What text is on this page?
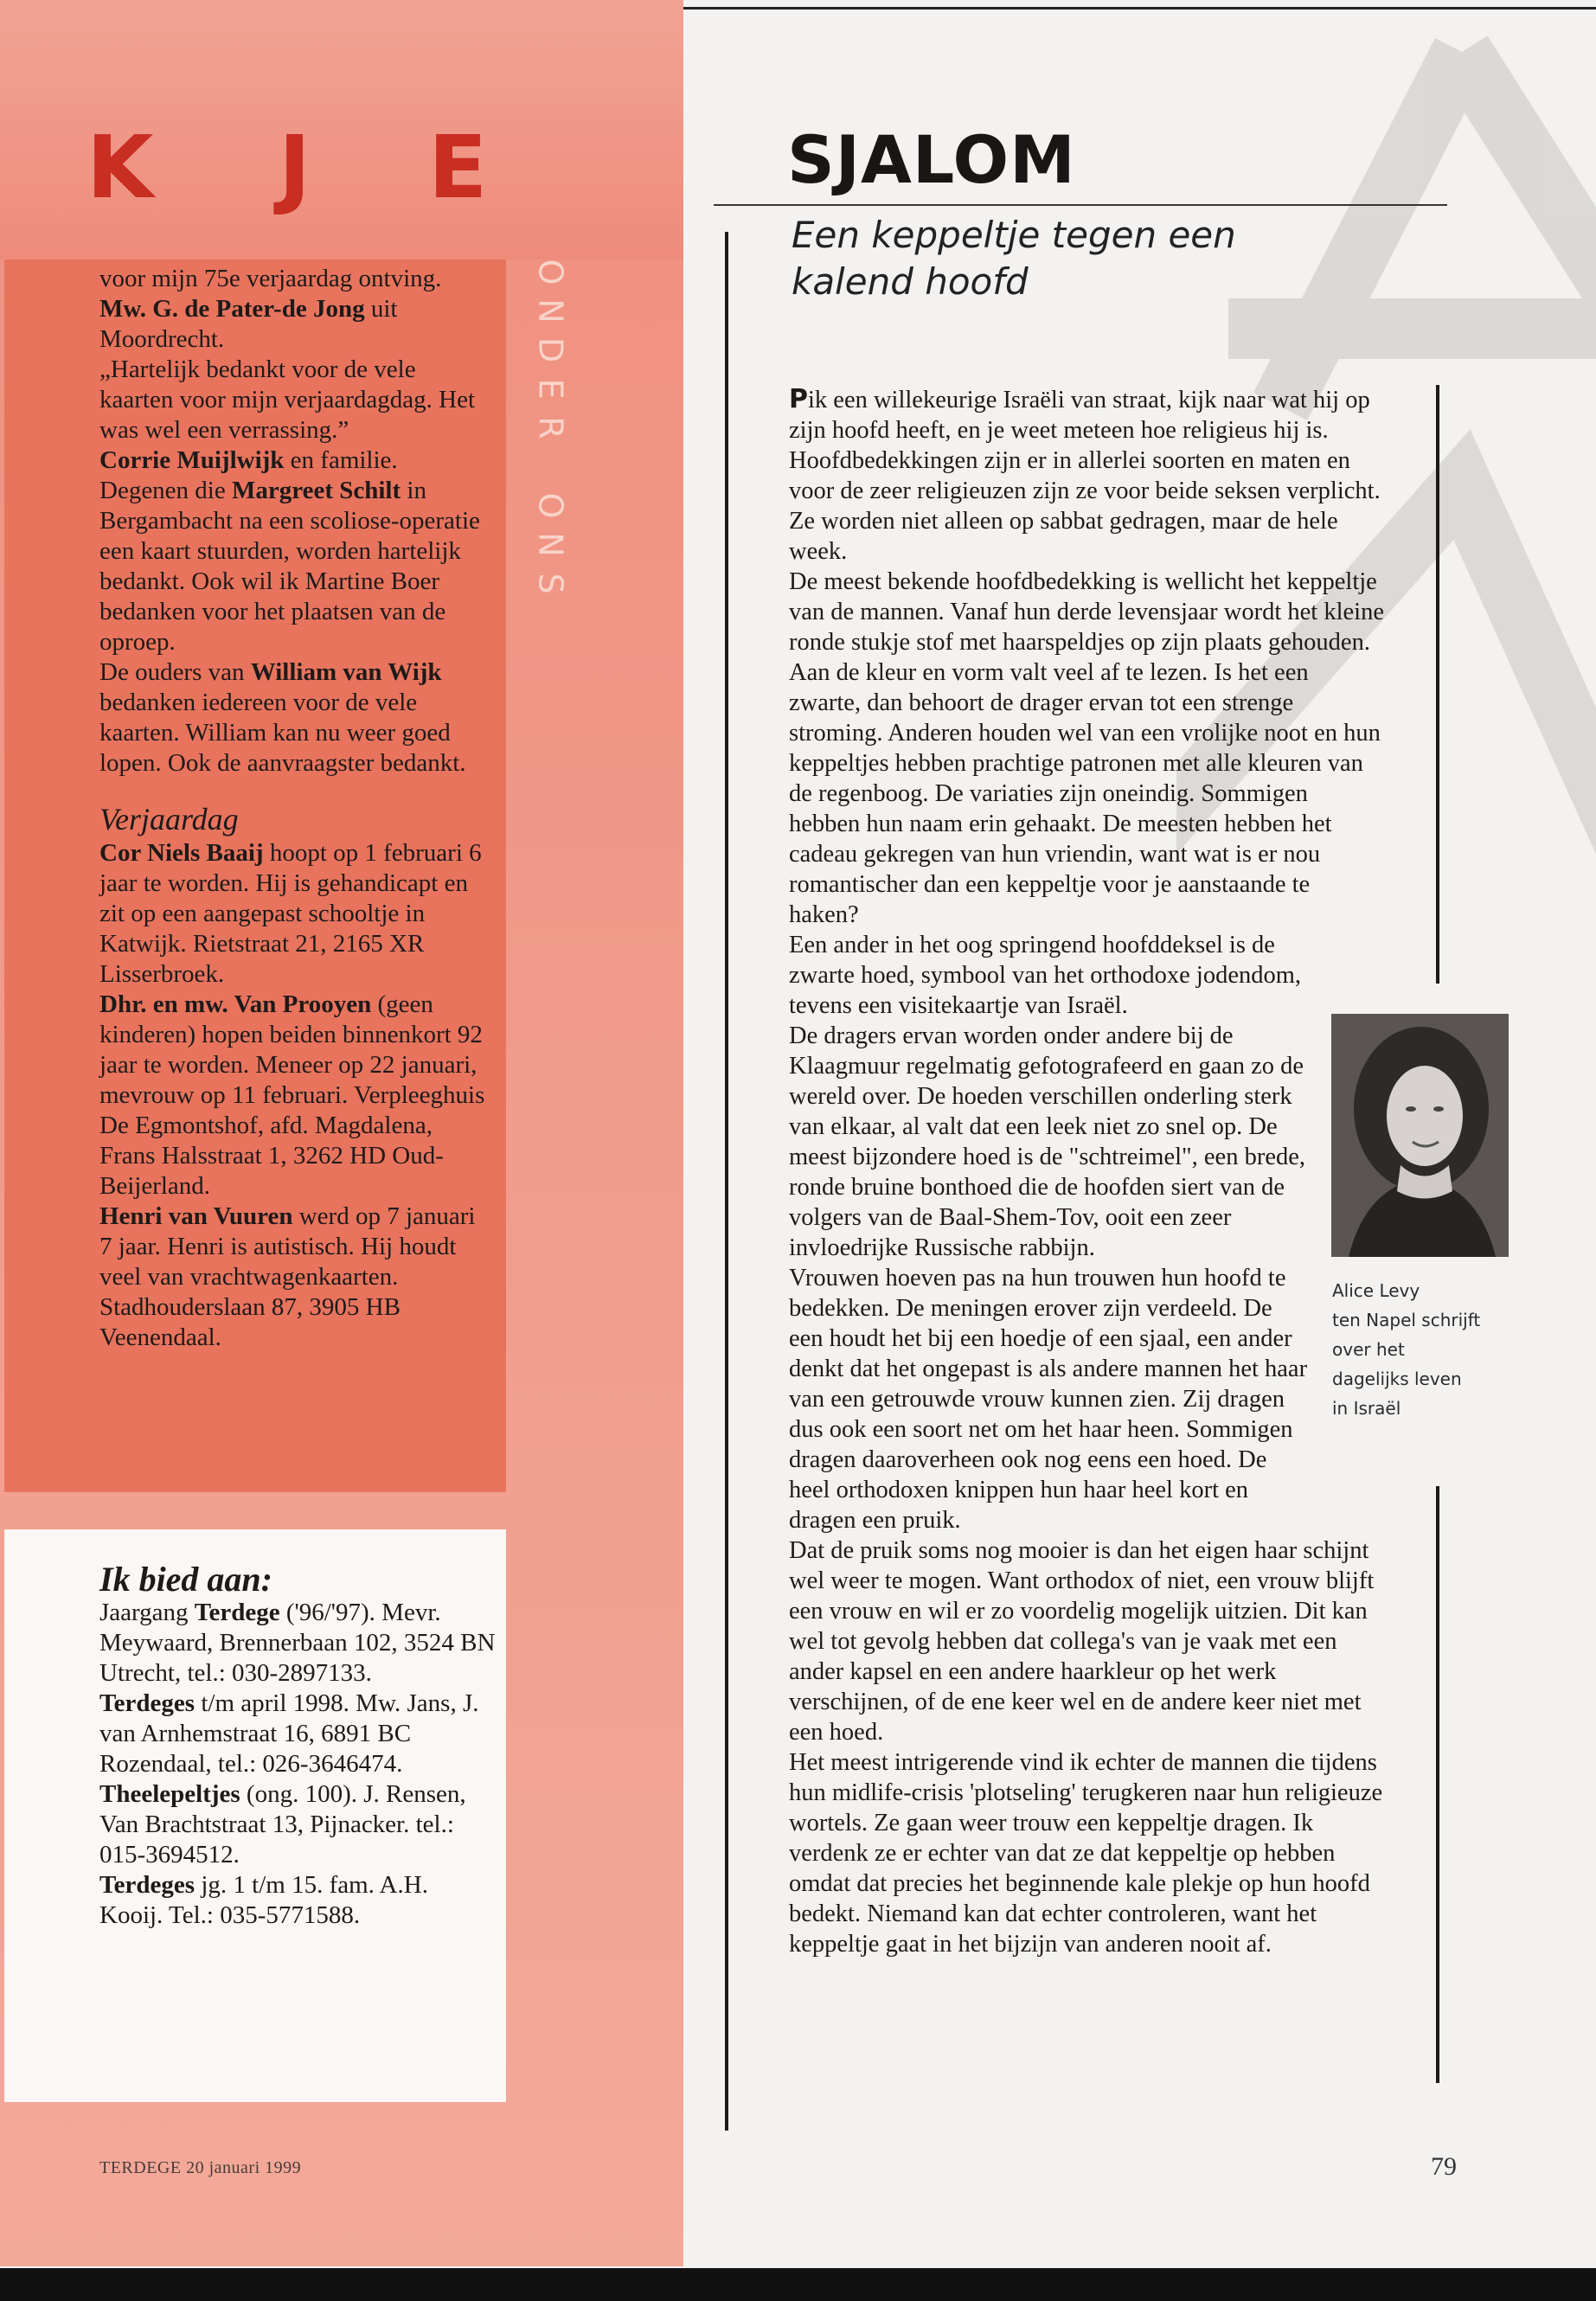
K J E
O
N
D
E
R
O
N
S

voor mijn 75e verjaardag ontving. Mw. G. de Pater-de Jong uit Moordrecht.

„Hartelijk bedankt voor de vele kaarten voor mijn verjaardagdag. Het was wel een verrassing.”

Corrie Muijlwijk en familie.

Degenen die Margreet Schilt in Bergambacht na een scoliose-operatie een kaart stuurden, worden hartelijk bedankt. Ook wil ik Martine Boer bedanken voor het plaatsen van de oproep.

De ouders van William van Wijk bedanken iedereen voor de vele kaarten. William kan nu weer goed lopen. Ook de aanvraagster bedankt.

Verjaardag

Cor Niels Baaij hoopt op 1 februari 6 jaar te worden. Hij is gehandicapt en zit op een aangepast schooltje in Katwijk. Rietstraat 21, 2165 XR Lisserbroek.

Dhr. en mw. Van Prooyen (geen kinderen) hopen beiden binnenkort 92 jaar te worden. Meneer op 22 januari, mevrouw op 11 februari. Verpleeghuis De Egmontshof, afd. Magdalena, Frans Halsstraat 1, 3262 HD Oud-Beijerland.

Henri van Vuuren werd op 7 januari 7 jaar. Henri is autistisch. Hij houdt veel van vrachtwagenkaarten. Stadhouderslaan 87, 3905 HB Veenendaal.

Ik bied aan:

Jaargang Terdege ('96/'97). Mevr. Meywaard, Brennerbaan 102, 3524 BN Utrecht, tel.: 030-2897133.

Terdeges t/m april 1998. Mw. Jans, J. van Arnhemstraat 16, 6891 BC Rozendaal, tel.: 026-3646474.

Theelepeltjes (ong. 100). J. Rensen, Van Brachtstraat 13, Pijnacker. tel.: 015-3694512.

Terdeges jg. 1 t/m 15. fam. A.H. Kooij. Tel.: 035-5771588.

SJALOM
Een keppeltje tegen een kalend hoofd

Pik een willekeurige Israëli van straat, kijk naar wat hij op zijn hoofd heeft, en je weet meteen hoe religieus hij is. Hoofdbedekkingen zijn er in allerlei soorten en maten en voor de zeer religieuzen zijn ze voor beide seksen verplicht. Ze worden niet alleen op sabbat gedragen, maar de hele week.

De meest bekende hoofdbedekking is wellicht het keppeltje van de mannen. Vanaf hun derde levensjaar wordt het kleine ronde stukje stof met haarspeldjes op zijn plaats gehouden. Aan de kleur en vorm valt veel af te lezen. Is het een zwarte, dan behoort de drager ervan tot een strenge stroming. Anderen houden wel van een vrolijke noot en hun keppeltjes hebben prachtige patronen met alle kleuren van de regenboog. De variaties zijn oneindig. Sommigen hebben hun naam erin gehaakt. De meesten hebben het cadeau gekregen van hun vriendin, want wat is er nou romantischer dan een keppeltje voor je aanstaande te haken?

Een ander in het oog springend hoofddeksel is de zwarte hoed, symbool van het orthodoxe jodendom, tevens een visitekaartje van Israël.

De dragers ervan worden onder andere bij de Klaagmuur regelmatig gefotografeerd en gaan zo de wereld over. De hoeden verschillen onderling sterk van elkaar, al valt dat een leek niet zo snel op. De meest bijzondere hoed is de "schtreimel", een brede, ronde bruine bonthoed die de hoofden siert van de volgers van de Baal-Shem-Tov, ooit een zeer invloedrijke Russische rabbijn.

Vrouwen hoeven pas na hun trouwen hun hoofd te bedekken. De meningen erover zijn verdeeld. De een houdt het bij een hoedje of een sjaal, een ander denkt dat het ongepast is als andere mannen het haar van een getrouwde vrouw kunnen zien. Zij dragen dus ook een soort net om het haar heen. Sommigen dragen daaroverheen ook nog eens een hoed. De heel orthodoxen knippen hun haar heel kort en dragen een pruik.

Dat de pruik soms nog mooier is dan het eigen haar schijnt wel weer te mogen. Want orthodox of niet, een vrouw blijft een vrouw en wil er zo voordelig mogelijk uitzien. Dit kan wel tot gevolg hebben dat collega's van je vaak met een ander kapsel en een andere haarkleur op het werk verschijnen, of de ene keer wel en de andere keer niet met een hoed.

Het meest intrigerende vind ik echter de mannen die tijdens hun midlife-crisis 'plotseling' terugkeren naar hun religieuze wortels. Ze gaan weer trouw een keppeltje dragen. Ik verdenk ze er echter van dat ze dat keppeltje op hebben omdat dat precies het beginnende kale plekje op hun hoofd bedekt. Niemand kan dat echter controleren, want het keppeltje gaat in het bijzijn van anderen nooit af.

Alice Levy
ten Napel schrijft
over het
dagelijks leven
in Israël
TERDEGE 20 januari 1999	79
